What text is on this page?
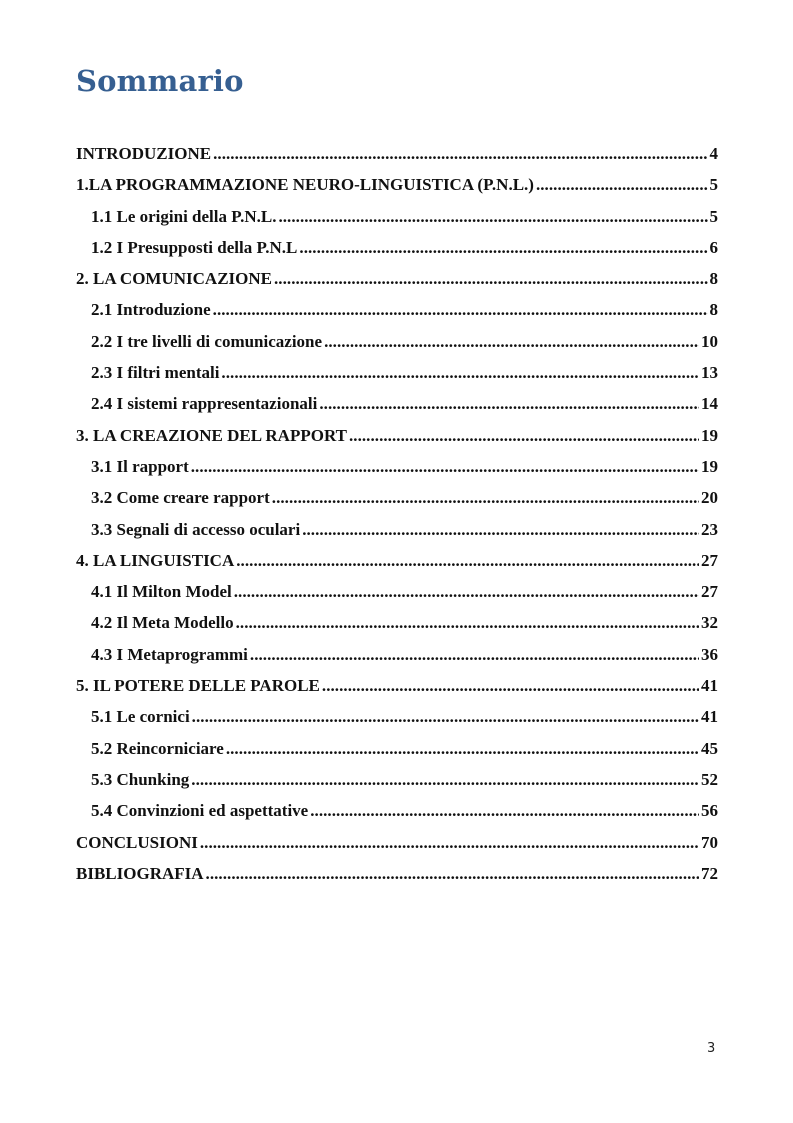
Sommario
INTRODUZIONE . . .	4
1. LA PROGRAMMAZIONE NEURO-LINGUISTICA (P.N.L.) . . .	5
1.1 Le origini della P.N.L. . . .	5
1.2 I Presupposti della P.N.L . . .	6
2. LA COMUNICAZIONE . . .	8
2.1 Introduzione . . .	8
2.2 I tre livelli di comunicazione . . .	10
2.3 I filtri mentali . . .	13
2.4 I sistemi rappresentazionali . . .	14
3. LA CREAZIONE DEL RAPPORT . . .	19
3.1 Il rapport . . .	19
3.2 Come creare rapport . . .	20
3.3 Segnali di accesso oculari . . .	23
4. LA LINGUISTICA . . .	27
4.1 Il Milton Model . . .	27
4.2 Il Meta Modello . . .	32
4.3 I Metaprogrammi . . .	36
5. IL POTERE DELLE PAROLE . . .	41
5.1 Le cornici . . .	41
5.2 Reincorniciare . . .	45
5.3 Chunking . . .	52
5.4 Convinzioni ed aspettative . . .	56
CONCLUSIONI . . .	70
BIBLIOGRAFIA . . .	72
3
